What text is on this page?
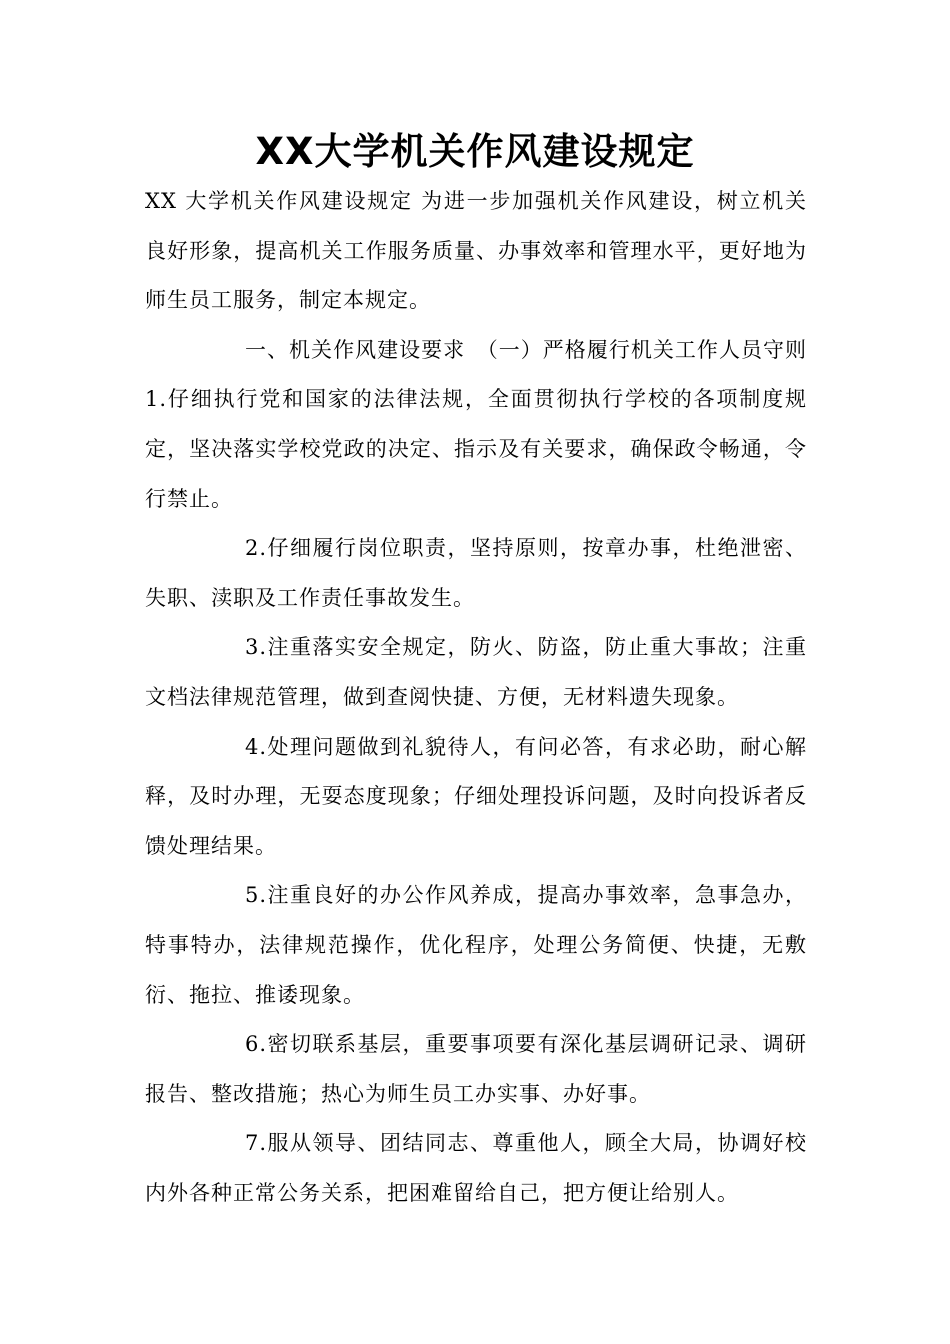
XX大学机关作风建设规定

XX 大学机关作风建设规定 为进一步加强机关作风建设，树立机关良好形象，提高机关工作服务质量、办事效率和管理水平，更好地为师生员工服务，制定本规定。

一、机关作风建设要求　（一）严格履行机关工作人员守则　1.仔细执行党和国家的法律法规，全面贯彻执行学校的各项制度规定，坚决落实学校党政的决定、指示及有关要求，确保政令畅通，令行禁止。

2.仔细履行岗位职责，坚持原则，按章办事，杜绝泄密、失职、渎职及工作责任事故发生。

3.注重落实安全规定，防火、防盗，防止重大事故；注重文档法律规范管理，做到查阅快捷、方便，无材料遗失现象。

4.处理问题做到礼貌待人，有问必答，有求必助，耐心解释，及时办理，无耍态度现象；仔细处理投诉问题，及时向投诉者反馈处理结果。

5.注重良好的办公作风养成，提高办事效率，急事急办，特事特办，法律规范操作，优化程序，处理公务简便、快捷，无敷衍、拖拉、推诿现象。

6.密切联系基层，重要事项要有深化基层调研记录、调研报告、整改措施；热心为师生员工办实事、办好事。

7.服从领导、团结同志、尊重他人，顾全大局，协调好校内外各种正常公务关系，把困难留给自己，把方便让给别人。
